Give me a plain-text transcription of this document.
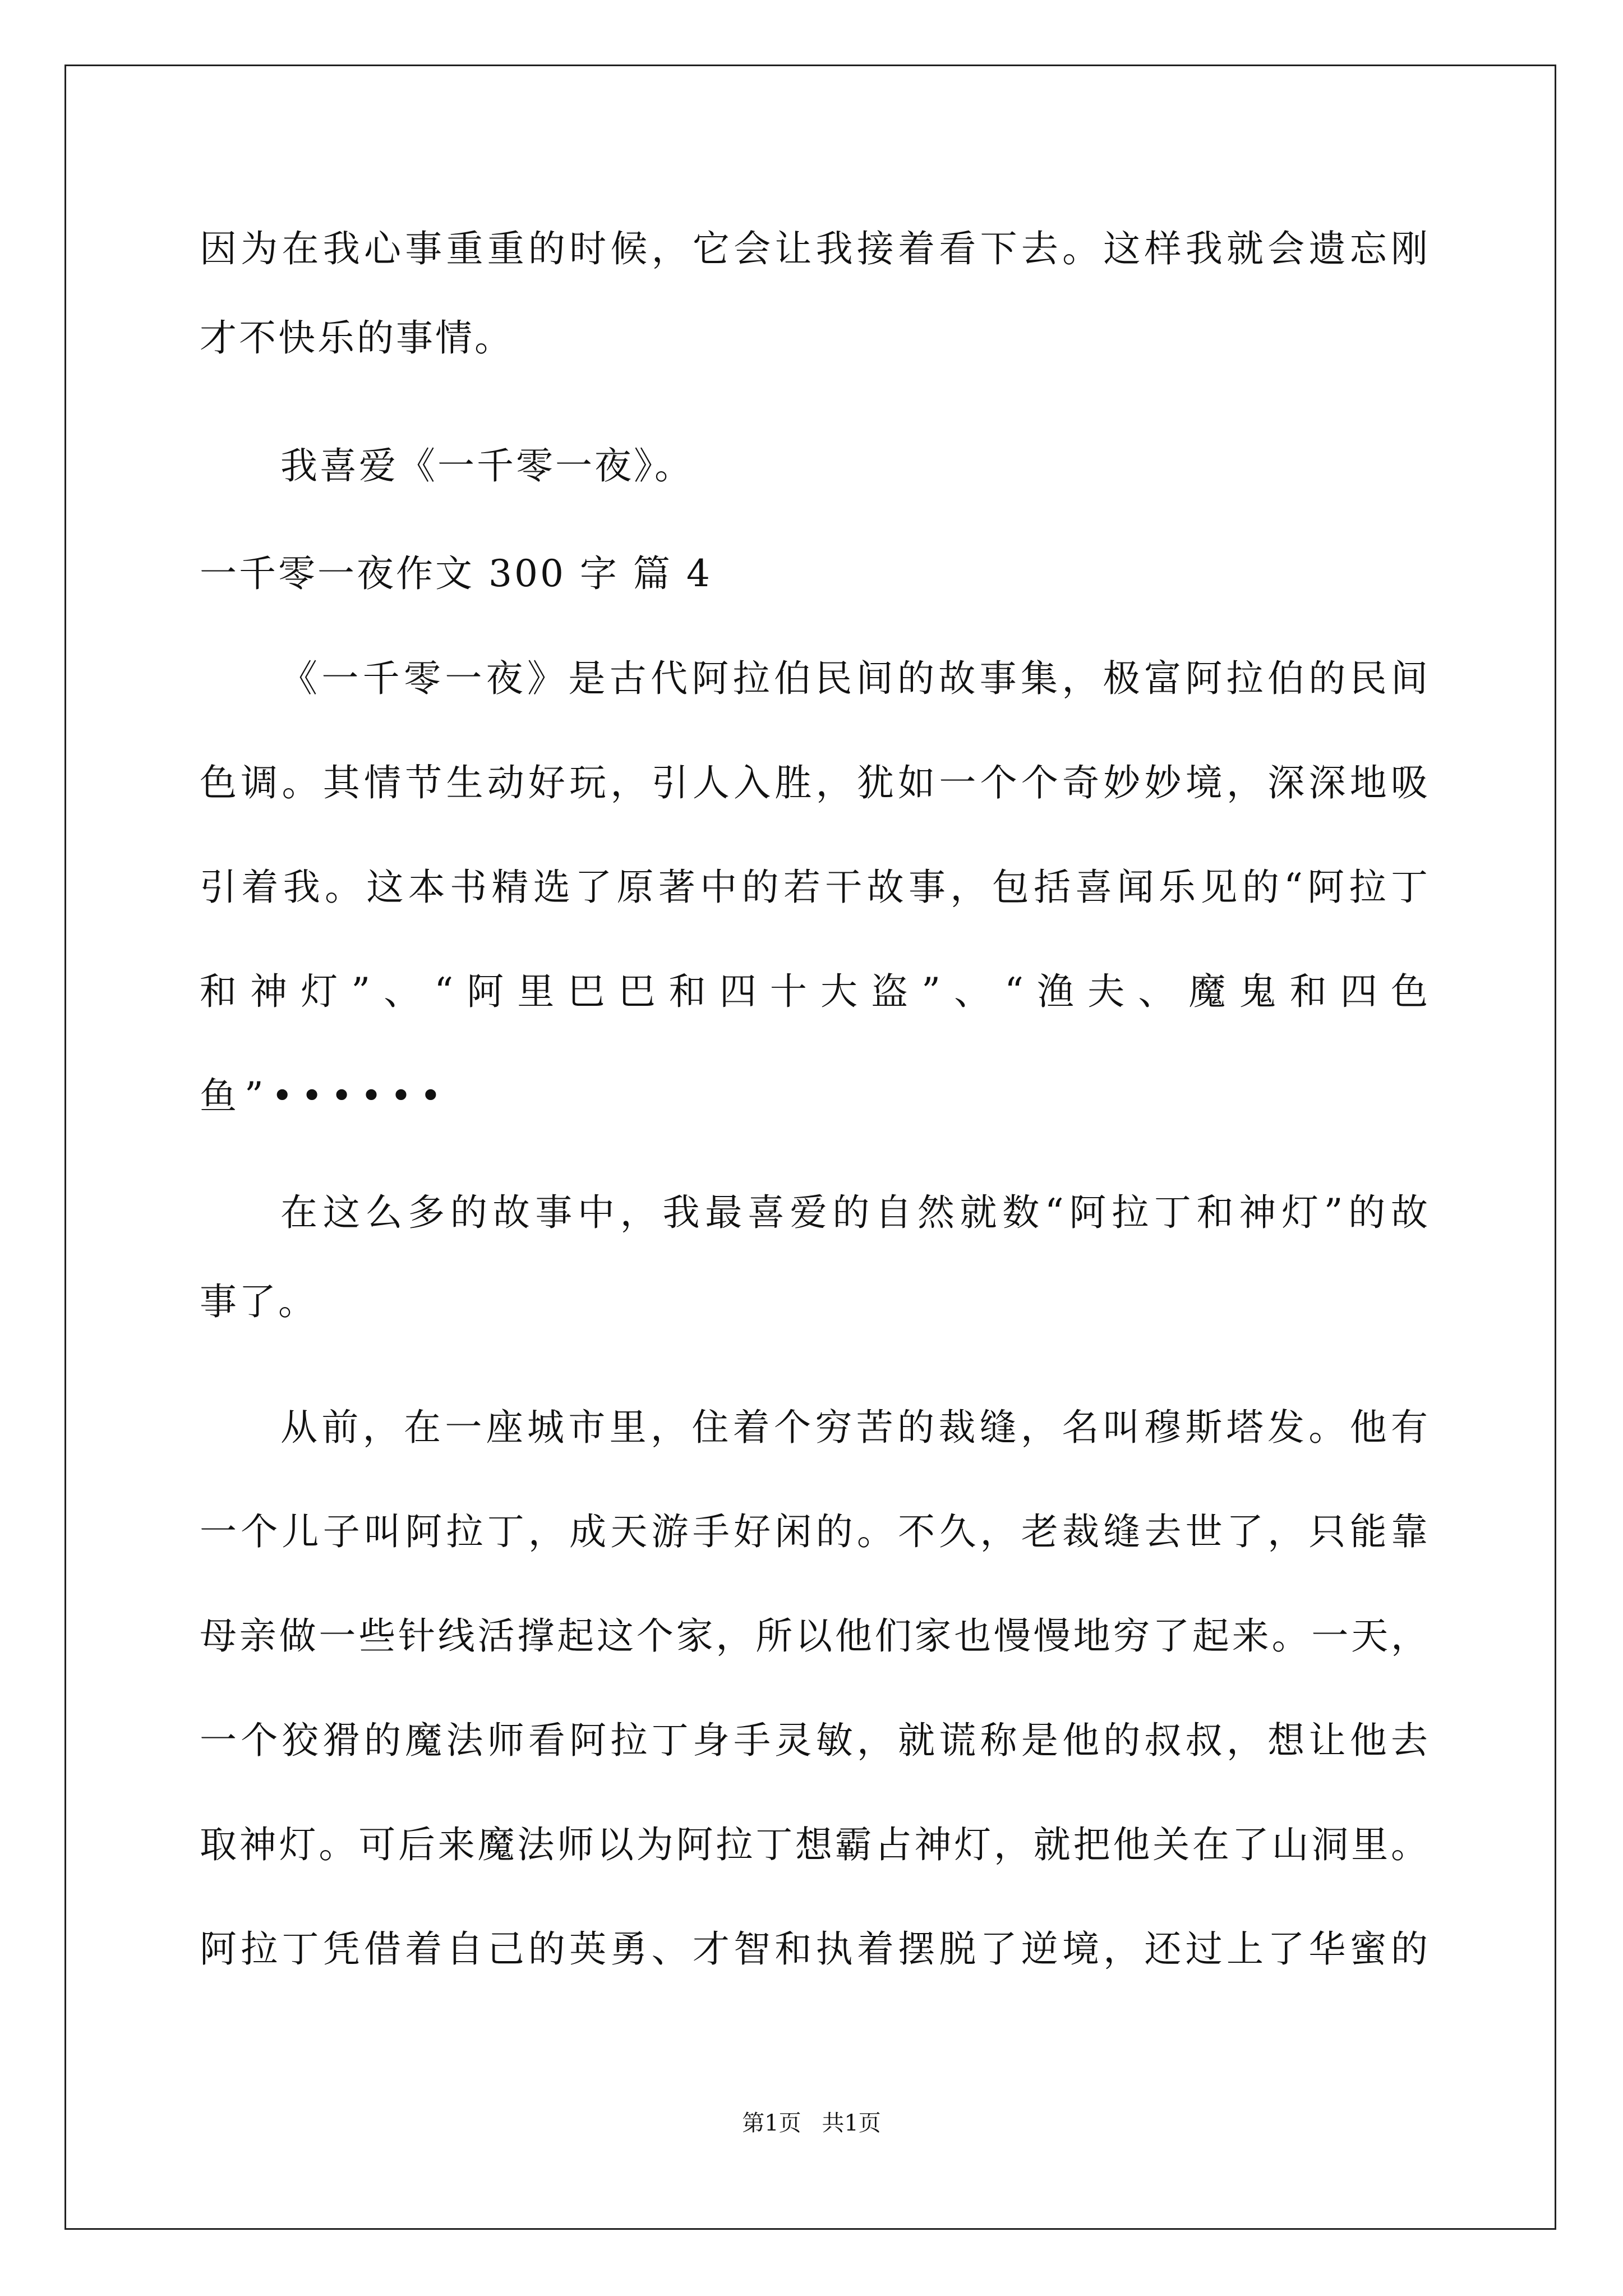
因为在我心事重重的时候，它会让我接着看下去。这样我就会遗忘刚
才不快乐的事情。
我喜爱《一千零一夜》。
一千零一夜作文 300 字 篇 4
《一千零一夜》是古代阿拉伯民间的故事集，极富阿拉伯的民间
色调。其情节生动好玩，引人入胜，犹如一个个奇妙妙境，深深地吸
引着我。这本书精选了原著中的若干故事，包括喜闻乐见的“阿拉丁
和神灯”、“阿里巴巴和四十大盗”、“渔夫、魔鬼和四色
鱼”••••••
在这么多的故事中，我最喜爱的自然就数“阿拉丁和神灯”的故
事了。
从前，在一座城市里，住着个穷苦的裁缝，名叫穆斯塔发。他有
一个儿子叫阿拉丁，成天游手好闲的。不久，老裁缝去世了，只能靠
母亲做一些针线活撑起这个家，所以他们家也慢慢地穷了起来。一天，
一个狡猾的魔法师看阿拉丁身手灵敏，就谎称是他的叔叔，想让他去
取神灯。可后来魔法师以为阿拉丁想霸占神灯，就把他关在了山洞里。
阿拉丁凭借着自己的英勇、才智和执着摆脱了逆境，还过上了华蜜的
第1页 共1页
